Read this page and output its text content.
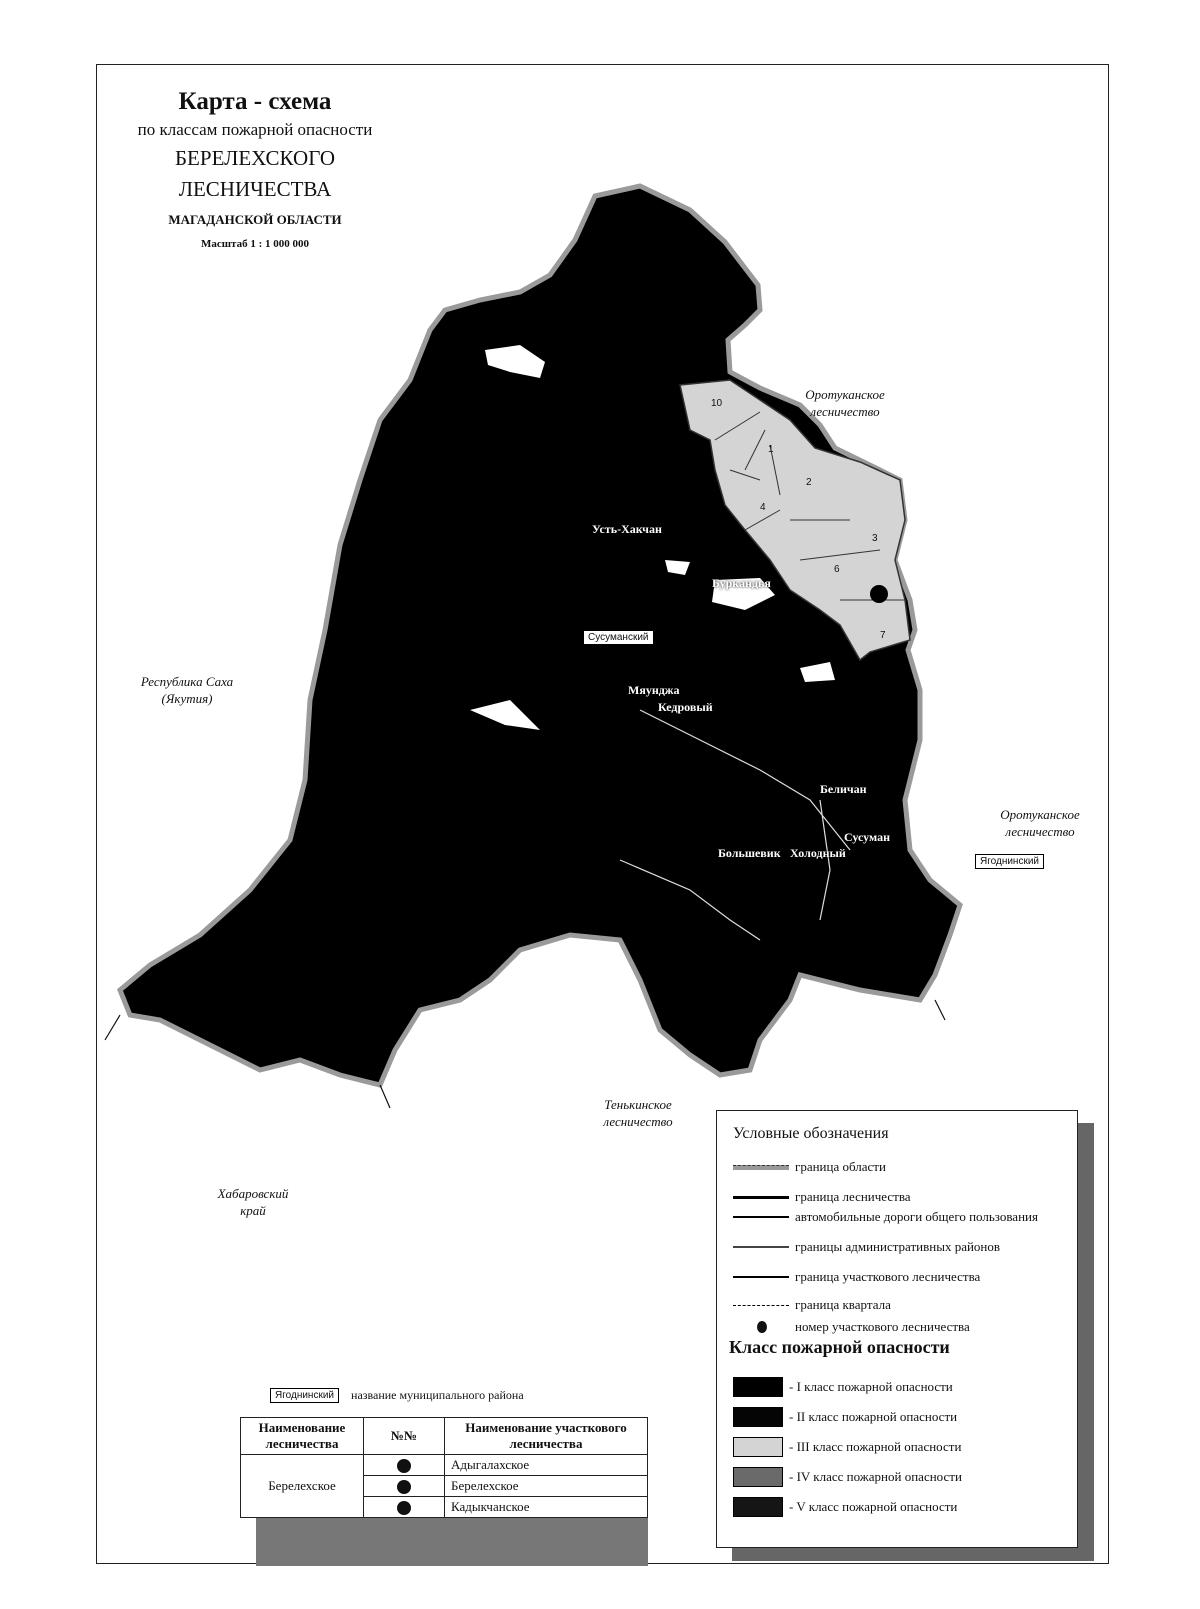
Карта - схема
по классам пожарной опасности
БЕРЕЛЕХСКОГО
ЛЕСНИЧЕСТВА
МАГАДАНСКОЙ ОБЛАСТИ
Масштаб 1 : 1 000 000
Оротуканское
лесничество
Оротуканское
лесничество
Республика Саха
(Якутия)
Хабаровский
край
Тенькинское
лесничество
Усть-Хакчан
Буркандья
Мяунджа
Кедровый
Беличан
Сусуман
Большевик Холодный
Сусуманский
Ягоднинский
10
1
2
4
3
6
7
Условные обозначения
граница области
граница лесничества
автомобильные дороги общего пользования
границы административных районов
граница участкового лесничества
граница квартала
номер участкового лесничества
Класс пожарной опасности
- I класс пожарной опасности
- II класс пожарной опасности
- III класс пожарной опасности
- IV класс пожарной опасности
- V класс пожарной опасности
Ягоднинский	название муниципального района
Наименование лесничества	№№	Наименование участкового лесничества
Берелехское		Адыгалахское
		Берелехское
		Кадыкчанское
